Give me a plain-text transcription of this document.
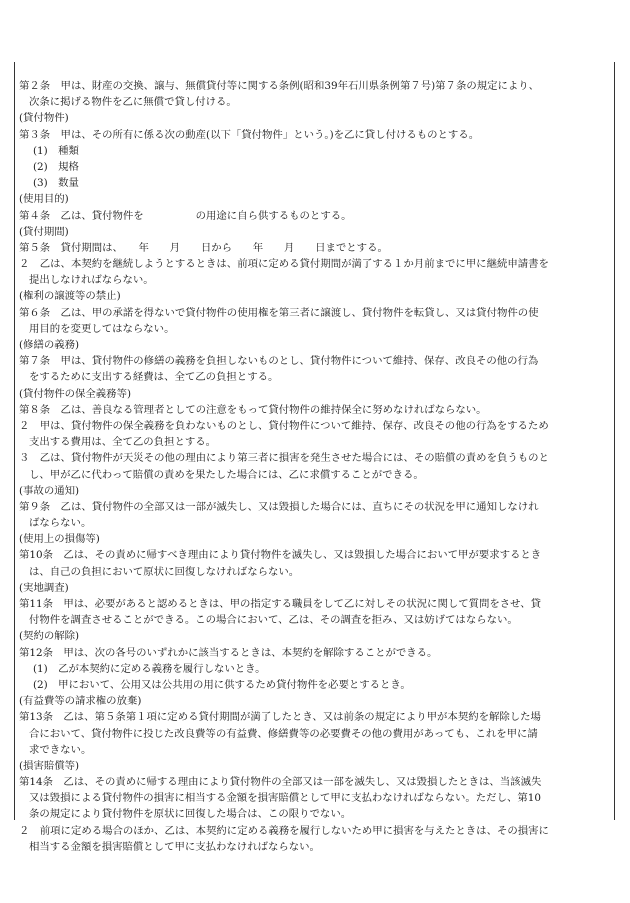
第２条　甲は、財産の交換、譲与、無償貸付等に関する条例(昭和39年石川県条例第７号)第７条の規定により、
次条に掲げる物件を乙に無償で貸し付ける。
(貸付物件)
第３条　甲は、その所有に係る次の動産(以下「貸付物件」という。)を乙に貸し付けるものとする。
(1)　種類
(2)　規格
(3)　数量
(使用目的)
第４条　乙は、貸付物件を　　　　　の用途に自ら供するものとする。
(貸付期間)
第５条　貸付期間は、　　年　　月　　日から　　年　　月　　日までとする。
２　乙は、本契約を継続しようとするときは、前項に定める貸付期間が満了する１か月前までに甲に継続申請書を
提出しなければならない。
(権利の譲渡等の禁止)
第６条　乙は、甲の承諾を得ないで貸付物件の使用権を第三者に譲渡し、貸付物件を転貸し、又は貸付物件の使
用目的を変更してはならない。
(修繕の義務)
第７条　甲は、貸付物件の修繕の義務を負担しないものとし、貸付物件について維持、保存、改良その他の行為
をするために支出する経費は、全て乙の負担とする。
(貸付物件の保全義務等)
第８条　乙は、善良なる管理者としての注意をもって貸付物件の維持保全に努めなければならない。
２　甲は、貸付物件の保全義務を負わないものとし、貸付物件について維持、保存、改良その他の行為をするため
支出する費用は、全て乙の負担とする。
３　乙は、貸付物件が天災その他の理由により第三者に損害を発生させた場合には、その賠償の責めを負うものと
し、甲が乙に代わって賠償の責めを果たした場合には、乙に求償することができる。
(事故の通知)
第９条　乙は、貸付物件の全部又は一部が滅失し、又は毀損した場合には、直ちにその状況を甲に通知しなけれ
ばならない。
(使用上の損傷等)
第10条　乙は、その責めに帰すべき理由により貸付物件を滅失し、又は毀損した場合において甲が要求するとき
は、自己の負担において原状に回復しなければならない。
(実地調査)
第11条　甲は、必要があると認めるときは、甲の指定する職員をして乙に対しその状況に関して質問をさせ、貸
付物件を調査させることができる。この場合において、乙は、その調査を拒み、又は妨げてはならない。
(契約の解除)
第12条　甲は、次の各号のいずれかに該当するときは、本契約を解除することができる。
(1)　乙が本契約に定める義務を履行しないとき。
(2)　甲において、公用又は公共用の用に供するため貸付物件を必要とするとき。
(有益費等の請求権の放棄)
第13条　乙は、第５条第１項に定める貸付期間が満了したとき、又は前条の規定により甲が本契約を解除した場
合において、貸付物件に投じた改良費等の有益費、修繕費等の必要費その他の費用があっても、これを甲に請
求できない。
(損害賠償等)
第14条　乙は、その責めに帰する理由により貸付物件の全部又は一部を滅失し、又は毀損したときは、当該滅失
又は毀損による貸付物件の損害に相当する金額を損害賠償として甲に支払わなければならない。ただし、第10
条の規定により貸付物件を原状に回復した場合は、この限りでない。
２　前項に定める場合のほか、乙は、本契約に定める義務を履行しないため甲に損害を与えたときは、その損害に
相当する金額を損害賠償として甲に支払わなければならない。
